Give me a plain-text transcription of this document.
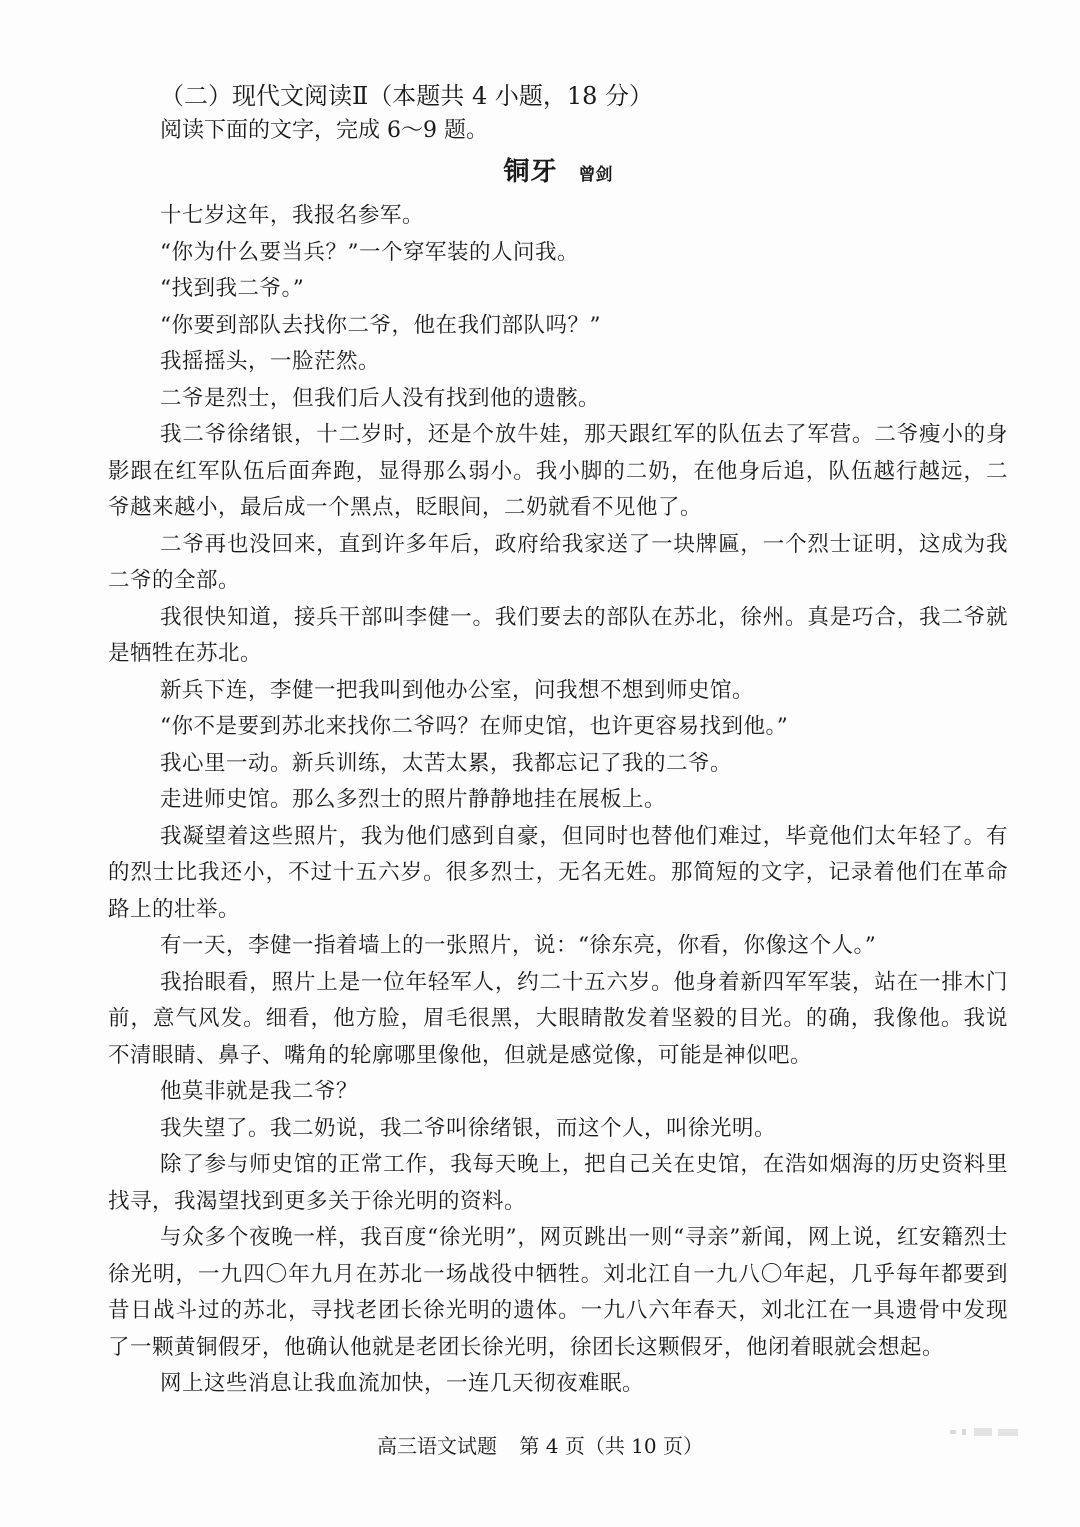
（二）现代文阅读Ⅱ（本题共 4 小题，18 分）
阅读下面的文字，完成 6～9 题。
铜牙 曾剑

十七岁这年，我报名参军。

“你为什么要当兵？”一个穿军装的人问我。

“找到我二爷。”

“你要到部队去找你二爷，他在我们部队吗？”

我摇摇头，一脸茫然。

二爷是烈士，但我们后人没有找到他的遗骸。

我二爷徐绪银，十二岁时，还是个放牛娃，那天跟红军的队伍去了军营。二爷瘦小的身影跟在红军队伍后面奔跑，显得那么弱小。我小脚的二奶，在他身后追，队伍越行越远，二爷越来越小，最后成一个黑点，眨眼间，二奶就看不见他了。

二爷再也没回来，直到许多年后，政府给我家送了一块牌匾，一个烈士证明，这成为我二爷的全部。

我很快知道，接兵干部叫李健一。我们要去的部队在苏北，徐州。真是巧合，我二爷就是牺牲在苏北。

新兵下连，李健一把我叫到他办公室，问我想不想到师史馆。

“你不是要到苏北来找你二爷吗？在师史馆，也许更容易找到他。”

我心里一动。新兵训练，太苦太累，我都忘记了我的二爷。

走进师史馆。那么多烈士的照片静静地挂在展板上。

我凝望着这些照片，我为他们感到自豪，但同时也替他们难过，毕竟他们太年轻了。有的烈士比我还小，不过十五六岁。很多烈士，无名无姓。那简短的文字，记录着他们在革命路上的壮举。

有一天，李健一指着墙上的一张照片，说：“徐东亮，你看，你像这个人。”

我抬眼看，照片上是一位年轻军人，约二十五六岁。他身着新四军军装，站在一排木门前，意气风发。细看，他方脸，眉毛很黑，大眼睛散发着坚毅的目光。的确，我像他。我说不清眼睛、鼻子、嘴角的轮廓哪里像他，但就是感觉像，可能是神似吧。

他莫非就是我二爷？

我失望了。我二奶说，我二爷叫徐绪银，而这个人，叫徐光明。

除了参与师史馆的正常工作，我每天晚上，把自己关在史馆，在浩如烟海的历史资料里找寻，我渴望找到更多关于徐光明的资料。

与众多个夜晚一样，我百度“徐光明”，网页跳出一则“寻亲”新闻，网上说，红安籍烈士徐光明，一九四〇年九月在苏北一场战役中牺牲。刘北江自一九八〇年起，几乎每年都要到昔日战斗过的苏北，寻找老团长徐光明的遗体。一九八六年春天，刘北江在一具遗骨中发现了一颗黄铜假牙，他确认他就是老团长徐光明，徐团长这颗假牙，他闭着眼就会想起。

网上这些消息让我血流加快，一连几天彻夜难眠。

高三语文试题 第 4 页（共 10 页）
